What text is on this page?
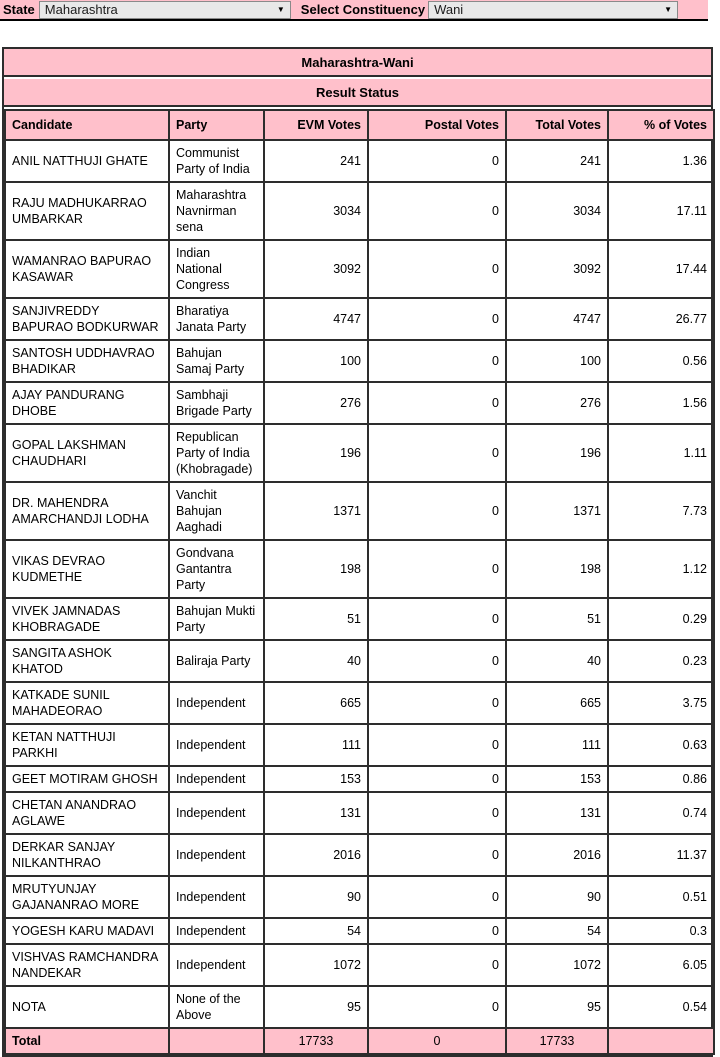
State Maharashtra	▼ Select Constituency Wani	▼
Maharashtra-Wani
Result Status
Candidate	Party	EVM Votes	Postal Votes	Total Votes	% of Votes
ANIL NATTHUJI GHATE	Communist Party of India	241	0	241	1.36
RAJU MADHUKARRAO UMBARKAR	Maharashtra Navnirman sena	3034	0	3034	17.11
WAMANRAO BAPURAO KASAWAR	Indian National Congress	3092	0	3092	17.44
SANJIVREDDY BAPURAO BODKURWAR	Bharatiya Janata Party	4747	0	4747	26.77
SANTOSH UDDHAVRAO BHADIKAR	Bahujan Samaj Party	100	0	100	0.56
AJAY PANDURANG DHOBE	Sambhaji Brigade Party	276	0	276	1.56
GOPAL LAKSHMAN CHAUDHARI	Republican Party of India (Khobragade)	196	0	196	1.11
DR. MAHENDRA AMARCHANDJI LODHA	Vanchit Bahujan Aaghadi	1371	0	1371	7.73
VIKAS DEVRAO KUDMETHE	Gondvana Gantantra Party	198	0	198	1.12
VIVEK JAMNADAS KHOBRAGADE	Bahujan Mukti Party	51	0	51	0.29
SANGITA ASHOK KHATOD	Baliraja Party	40	0	40	0.23
KATKADE SUNIL MAHADEORAO	Independent	665	0	665	3.75
KETAN NATTHUJI PARKHI	Independent	111	0	111	0.63
GEET MOTIRAM GHOSH	Independent	153	0	153	0.86
CHETAN ANANDRAO AGLAWE	Independent	131	0	131	0.74
DERKAR SANJAY NILKANTHRAO	Independent	2016	0	2016	11.37
MRUTYUNJAY GAJANANRAO MORE	Independent	90	0	90	0.51
YOGESH KARU MADAVI	Independent	54	0	54	0.3
VISHVAS RAMCHANDRA NANDEKAR	Independent	1072	0	1072	6.05
NOTA	None of the Above	95	0	95	0.54
Total		17733	0	17733	
